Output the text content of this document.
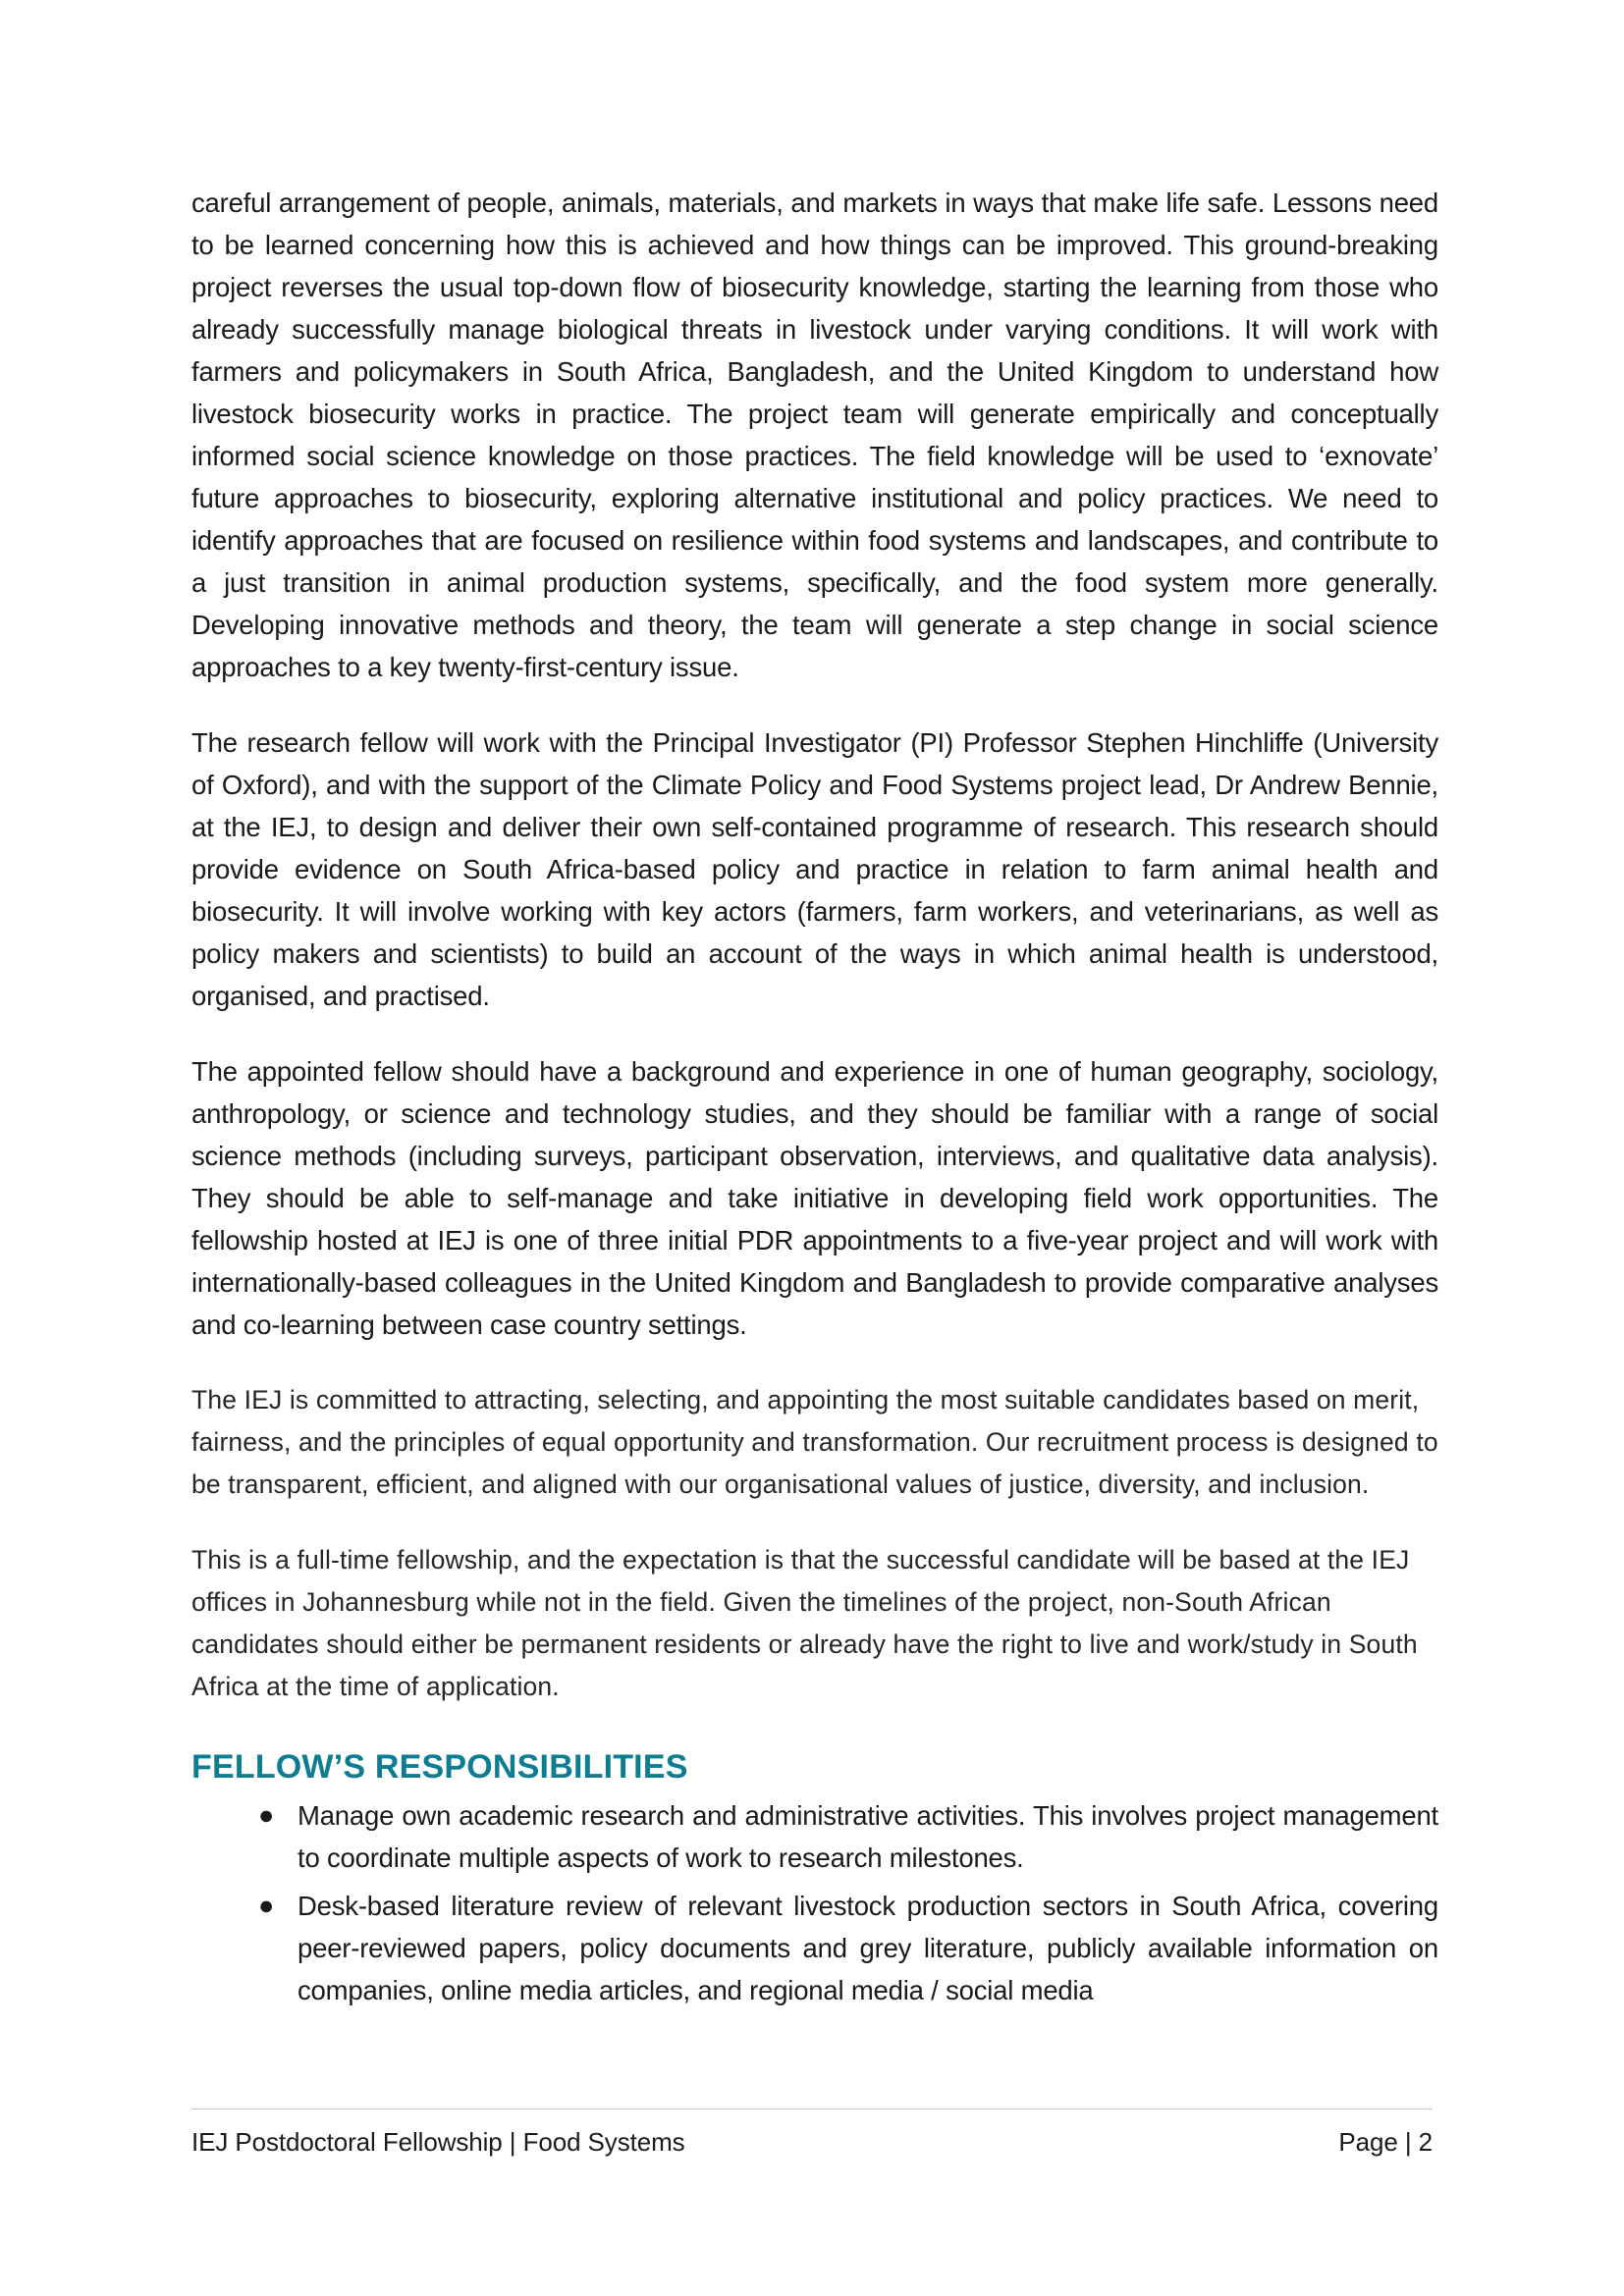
careful arrangement of people, animals, materials, and markets in ways that make life safe. Lessons need to be learned concerning how this is achieved and how things can be improved. This ground-breaking project reverses the usual top-down flow of biosecurity knowledge, starting the learning from those who already successfully manage biological threats in livestock under varying conditions. It will work with farmers and policymakers in South Africa, Bangladesh, and the United Kingdom to understand how livestock biosecurity works in practice. The project team will generate empirically and conceptually informed social science knowledge on those practices. The field knowledge will be used to ‘exnovate’ future approaches to biosecurity, exploring alternative institutional and policy practices. We need to identify approaches that are focused on resilience within food systems and landscapes, and contribute to a just transition in animal production systems, specifically, and the food system more generally. Developing innovative methods and theory, the team will generate a step change in social science approaches to a key twenty-first-century issue.

The research fellow will work with the Principal Investigator (PI) Professor Stephen Hinchliffe (University of Oxford), and with the support of the Climate Policy and Food Systems project lead, Dr Andrew Bennie, at the IEJ, to design and deliver their own self-contained programme of research. This research should provide evidence on South Africa-based policy and practice in relation to farm animal health and biosecurity. It will involve working with key actors (farmers, farm workers, and veterinarians, as well as policy makers and scientists) to build an account of the ways in which animal health is understood, organised, and practised.

The appointed fellow should have a background and experience in one of human geography, sociology, anthropology, or science and technology studies, and they should be familiar with a range of social science methods (including surveys, participant observation, interviews, and qualitative data analysis). They should be able to self-manage and take initiative in developing field work opportunities. The fellowship hosted at IEJ is one of three initial PDR appointments to a five-year project and will work with internationally-based colleagues in the United Kingdom and Bangladesh to provide comparative analyses and co-learning between case country settings.

The IEJ is committed to attracting, selecting, and appointing the most suitable candidates based on merit, fairness, and the principles of equal opportunity and transformation. Our recruitment process is designed to be transparent, efficient, and aligned with our organisational values of justice, diversity, and inclusion.

This is a full-time fellowship, and the expectation is that the successful candidate will be based at the IEJ offices in Johannesburg while not in the field. Given the timelines of the project, non-South African candidates should either be permanent residents or already have the right to live and work/study in South Africa at the time of application.

FELLOW’S RESPONSIBILITIES
● Manage own academic research and administrative activities. This involves project management to coordinate multiple aspects of work to research milestones.
● Desk-based literature review of relevant livestock production sectors in South Africa, covering peer-reviewed papers, policy documents and grey literature, publicly available information on companies, online media articles, and regional media / social media
IEJ Postdoctoral Fellowship | Food Systems	Page | 2
